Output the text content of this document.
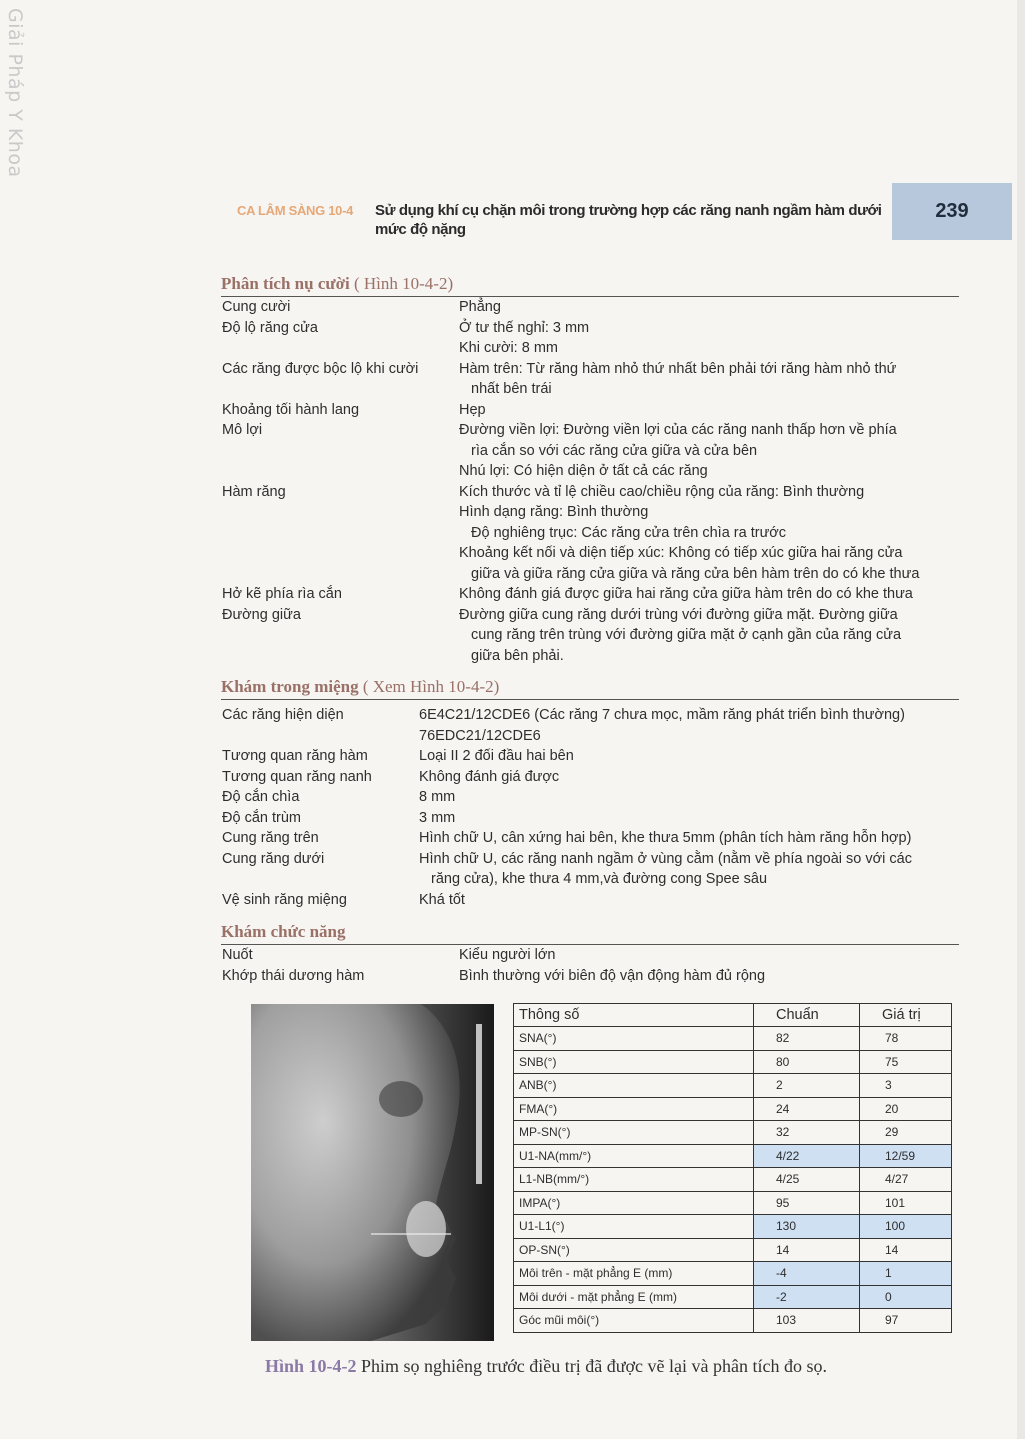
Giải Pháp Y Khoa
CA LÂM SÀNG 10-4 Sử dụng khí cụ chặn môi trong trường hợp các răng nanh ngầm hàm dưới mức độ nặng
239
Phân tích nụ cười ( Hình 10-4-2)
Cung cười	Phẳng
Độ lộ răng cửa	Ở tư thế nghỉ: 3 mm
Khi cười: 8 mm
Các răng được bộc lộ khi cười	Hàm trên: Từ răng hàm nhỏ thứ nhất bên phải tới răng hàm nhỏ thứ
nhất bên trái
Khoảng tối hành lang	Hẹp
Mô lợi	Đường viền lợi: Đường viền lợi của các răng nanh thấp hơn về phía
rìa cắn so với các răng cửa giữa và cửa bên
Nhú lợi: Có hiện diện ở tất cả các răng
Hàm răng	Kích thước và tỉ lệ chiều cao/chiều rộng của răng: Bình thường
Hình dạng răng: Bình thường
Độ nghiêng trục: Các răng cửa trên chìa ra trước
Khoảng kết nối và diện tiếp xúc: Không có tiếp xúc giữa hai răng cửa
giữa và giữa răng cửa giữa và răng cửa bên hàm trên do có khe thưa
Hở kẽ phía rìa cắn	Không đánh giá được giữa hai răng cửa giữa hàm trên do có khe thưa
Đường giữa	Đường giữa cung răng dưới trùng với đường giữa mặt. Đường giữa
cung răng trên trùng với đường giữa mặt ở cạnh gần của răng cửa
giữa bên phải.
Khám trong miệng ( Xem Hình 10-4-2)
Các răng hiện diện	6E4C21/12CDE6 (Các răng 7 chưa mọc, mầm răng phát triển bình thường)
76EDC21/12CDE6
Tương quan răng hàm	Loại II 2 đối đầu hai bên
Tương quan răng nanh	Không đánh giá được
Độ cắn chìa	8 mm
Độ cắn trùm	3 mm
Cung răng trên	Hình chữ U, cân xứng hai bên, khe thưa 5mm (phân tích hàm răng hỗn hợp)
Cung răng dưới	Hình chữ U, các răng nanh ngầm ở vùng cằm (nằm về phía ngoài so với các
răng cửa), khe thưa 4 mm,và đường cong Spee sâu
Vệ sinh răng miệng	Khá tốt
Khám chức năng
Nuốt	Kiểu người lớn
Khớp thái dương hàm	Bình thường với biên độ vận động hàm đủ rộng
Thông số	Chuẩn	Giá trị
SNA(°)	82	78
SNB(°)	80	75
ANB(°)	2	3
FMA(°)	24	20
MP-SN(°)	32	29
U1-NA(mm/°)	4/22	12/59
L1-NB(mm/°)	4/25	4/27
IMPA(°)	95	101
U1-L1(°)	130	100
OP-SN(°)	14	14
Môi trên - mặt phẳng E (mm)	-4	1
Môi dưới - mặt phẳng E (mm)	-2	0
Góc mũi môi(°)	103	97
Hình 10-4-2 Phim sọ nghiêng trước điều trị đã được vẽ lại và phân tích đo sọ.
